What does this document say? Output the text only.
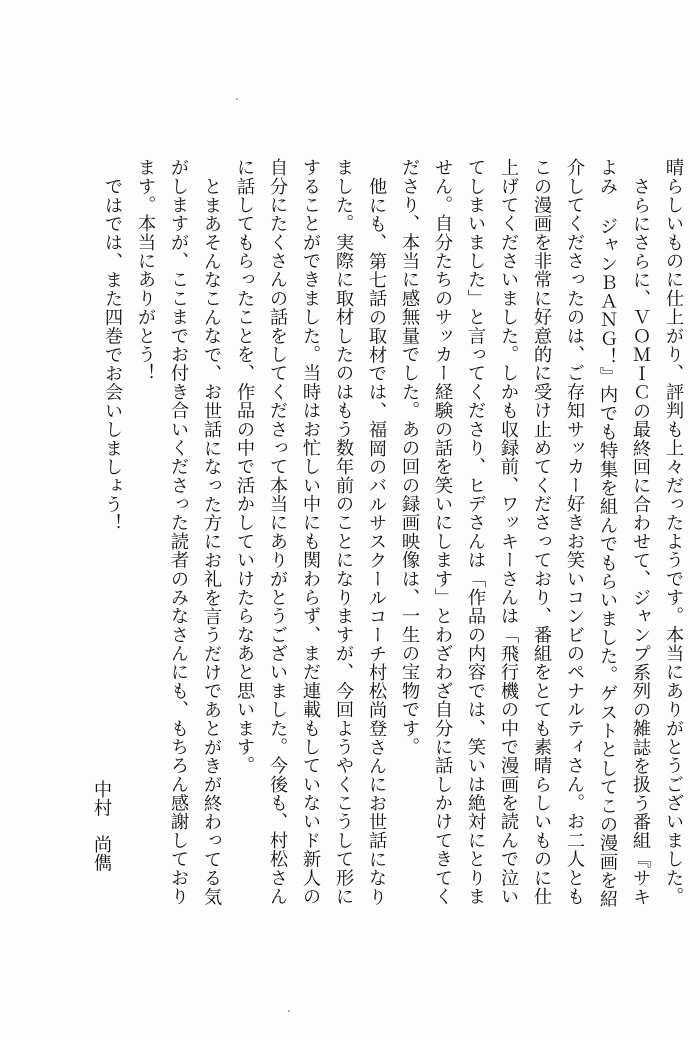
晴らしいものに仕上がり、評判も上々だったようです。本当にありがとうございました。
さらにさらに、ＶＯＭＩＣの最終回に合わせて、ジャンプ系列の雑誌を扱う番組『サキ
よみ ジャンＢＡＮＧ！』内でも特集を組んでもらいました。ゲストとしてこの漫画を紹
介してくださったのは、ご存知サッカー好きお笑いコンビのペナルティさん。お二人とも
この漫画を非常に好意的に受け止めてくださっており、番組をとても素晴らしいものに仕
上げてくださいました。しかも収録前、ワッキーさんは「飛行機の中で漫画を読んで泣い
てしまいました」と言ってくださり、ヒデさんは「作品の内容では、笑いは絶対にとりま
せん。自分たちのサッカー経験の話を笑いにします」とわざわざ自分に話しかけてきてく
ださり、本当に感無量でした。あの回の録画映像は、一生の宝物です。
他にも、第七話の取材では、福岡のバルサスクールコーチ村松尚登さんにお世話になり
ました。実際に取材したのはもう数年前のことになりますが、今回ようやくこうして形に
することができました。当時はお忙しい中にも関わらず、まだ連載もしていないド新人の
自分にたくさんの話をしてくださって本当にありがとうございました。今後も、村松さん
に話してもらったことを、作品の中で活かしていけたらなあと思います。
とまあそんなこんなで、お世話になった方にお礼を言うだけであとがきが終わってる気
がしますが、ここまでお付き合いくださった読者のみなさんにも、もちろん感謝しており
ます。本当にありがとう！
ではでは、また四巻でお会いしましょう！
中村　尚儁
